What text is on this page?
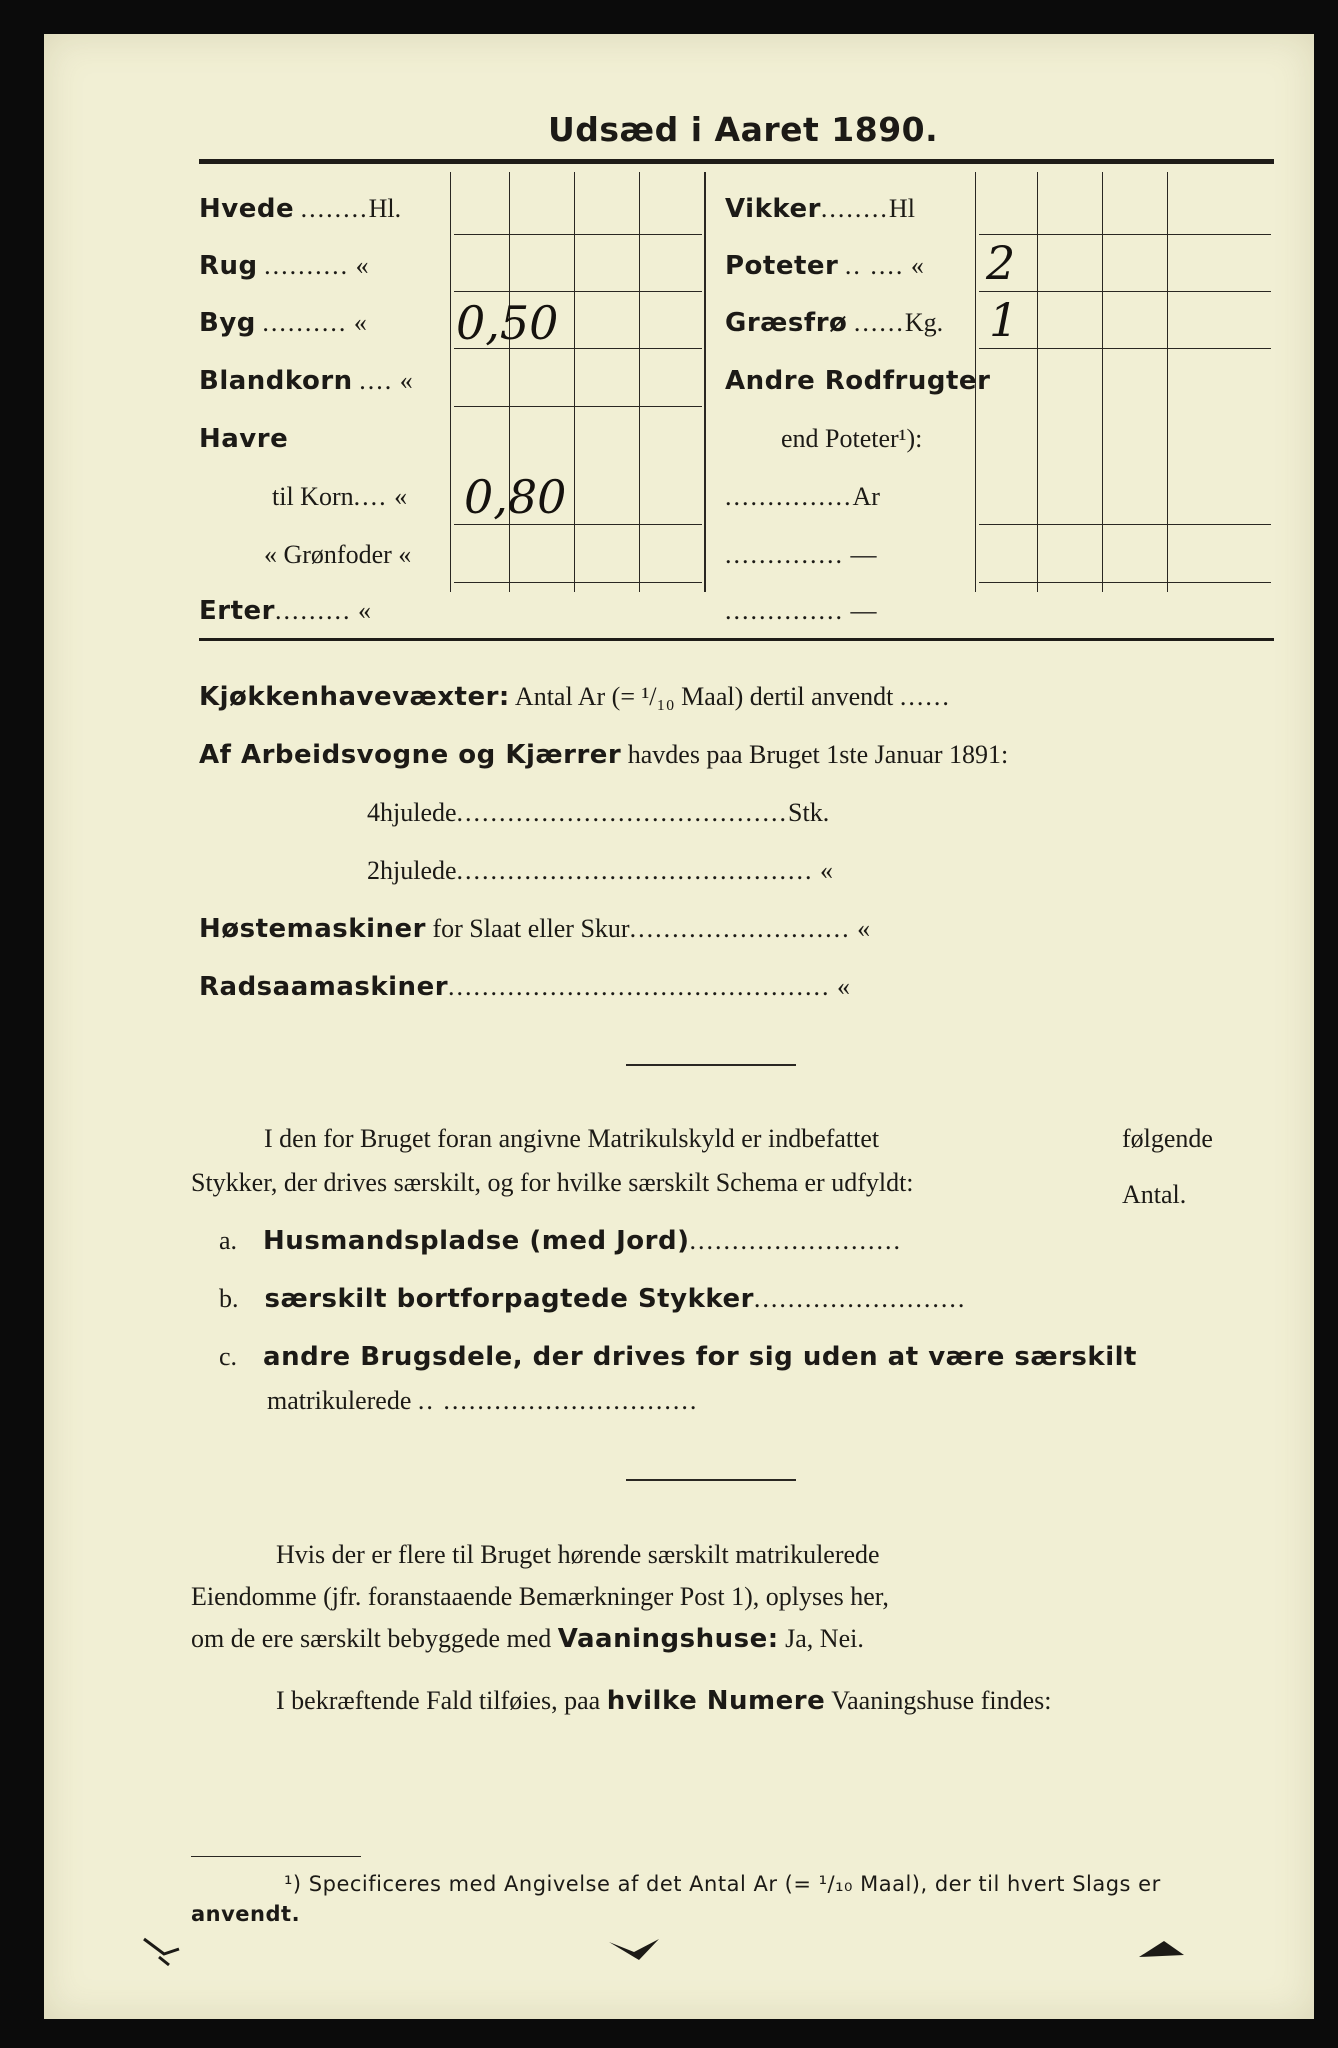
Udsæd i Aaret 1890.
Hvede ........Hl.
Rug .......... «
Byg .......... « 0,50
Blandkorn .... «
Havre
til Korn.... « 0,80
« Grønfoder «
Erter......... «
Vikker........Hl
Poteter .. .... « 2
Græsfrø ......Kg. 1
Andre Rodfrugter
end Poteter¹):
...............Ar
.............. —
.............. —
Kjøkkenhavevæxter: Antal Ar (= ¹/₁₀ Maal) dertil anvendt ......
Af Arbeidsvogne og Kjærrer havdes paa Bruget 1ste Januar 1891:
4hjulede.......................................Stk.
2hjulede.......................................... «
Høstemaskiner for Slaat eller Skur.......................... «
Radsaamaskiner............................................. «
I den for Bruget foran angivne Matrikulskyld er indbefattet	følgende
Stykker, der drives særskilt, og for hvilke særskilt Schema er udfyldt:	Antal.
a. Husmandspladse (med Jord).........................
b. særskilt bortforpagtede Stykker.........................
c. andre Brugsdele, der drives for sig uden at være særskilt
matrikulerede .. ..............................
Hvis der er flere til Bruget hørende særskilt matrikulerede
Eiendomme (jfr. foranstaaende Bemærkninger Post 1), oplyses her,
om de ere særskilt bebyggede med Vaaningshuse: Ja, Nei.
I bekræftende Fald tilføies, paa hvilke Numere Vaaningshuse findes:
¹) Specificeres med Angivelse af det Antal Ar (= ¹/₁₀ Maal), der til hvert Slags er
anvendt.
